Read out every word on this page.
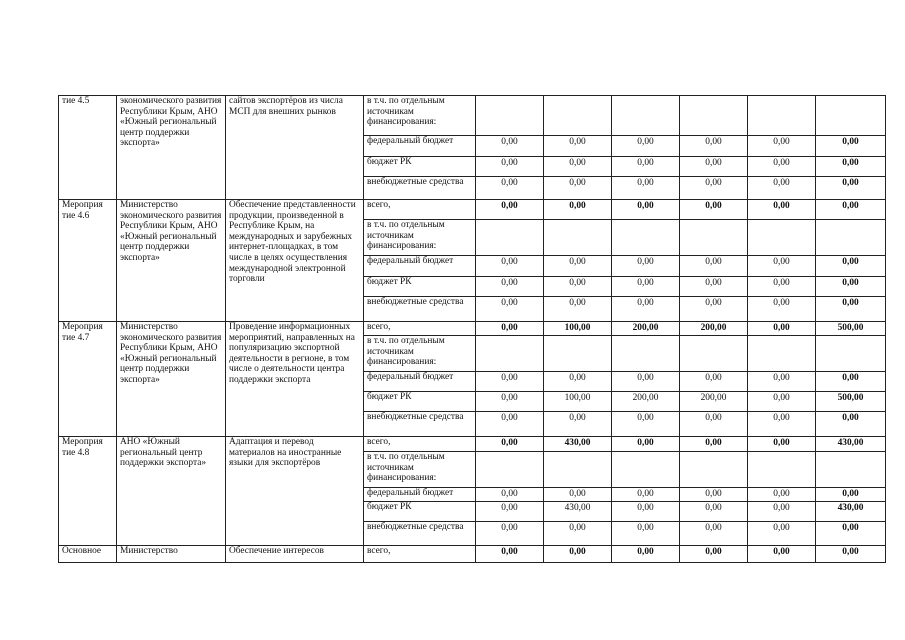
тие 4.5	экономического развития Республики Крым, АНО «Южный региональный центр поддержки экспорта»	сайтов экспортёров из числа МСП для внешних рынков	в т.ч. по отдельным источникам финансирования:						
			федеральный бюджет	0,00	0,00	0,00	0,00	0,00	0,00
			бюджет РК	0,00	0,00	0,00	0,00	0,00	0,00
			внебюджетные средства	0,00	0,00	0,00	0,00	0,00	0,00
Мероприя тие 4.6	Министерство экономического развития Республики Крым, АНО «Южный региональный центр поддержки экспорта»	Обеспечение представленности продукции, произведенной в Республике Крым, на международных и зарубежных интернет-площадках, в том числе в целях осуществления международной электронной торговли	всего,	0,00	0,00	0,00	0,00	0,00	0,00
			в т.ч. по отдельным источникам финансирования:						
			федеральный бюджет	0,00	0,00	0,00	0,00	0,00	0,00
			бюджет РК	0,00	0,00	0,00	0,00	0,00	0,00
			внебюджетные средства	0,00	0,00	0,00	0,00	0,00	0,00
Мероприя тие 4.7	Министерство экономического развития Республики Крым, АНО «Южный региональный центр поддержки экспорта»	Проведение информационных мероприятий, направленных на популяризацию экспортной деятельности в регионе, в том числе о деятельности центра поддержки экспорта	всего,	0,00	100,00	200,00	200,00	0,00	500,00
			в т.ч. по отдельным источникам финансирования:						
			федеральный бюджет	0,00	0,00	0,00	0,00	0,00	0,00
			бюджет РК	0,00	100,00	200,00	200,00	0,00	500,00
			внебюджетные средства	0,00	0,00	0,00	0,00	0,00	0,00
Мероприя тие 4.8	АНО «Южный региональный центр поддержки экспорта»	Адаптация и перевод материалов на иностранные языки для экспортёров	всего,	0,00	430,00	0,00	0,00	0,00	430,00
			в т.ч. по отдельным источникам финансирования:						
			федеральный бюджет	0,00	0,00	0,00	0,00	0,00	0,00
			бюджет РК	0,00	430,00	0,00	0,00	0,00	430,00
			внебюджетные средства	0,00	0,00	0,00	0,00	0,00	0,00
Основное	Министерство	Обеспечение интересов	всего,	0,00	0,00	0,00	0,00	0,00	0,00
